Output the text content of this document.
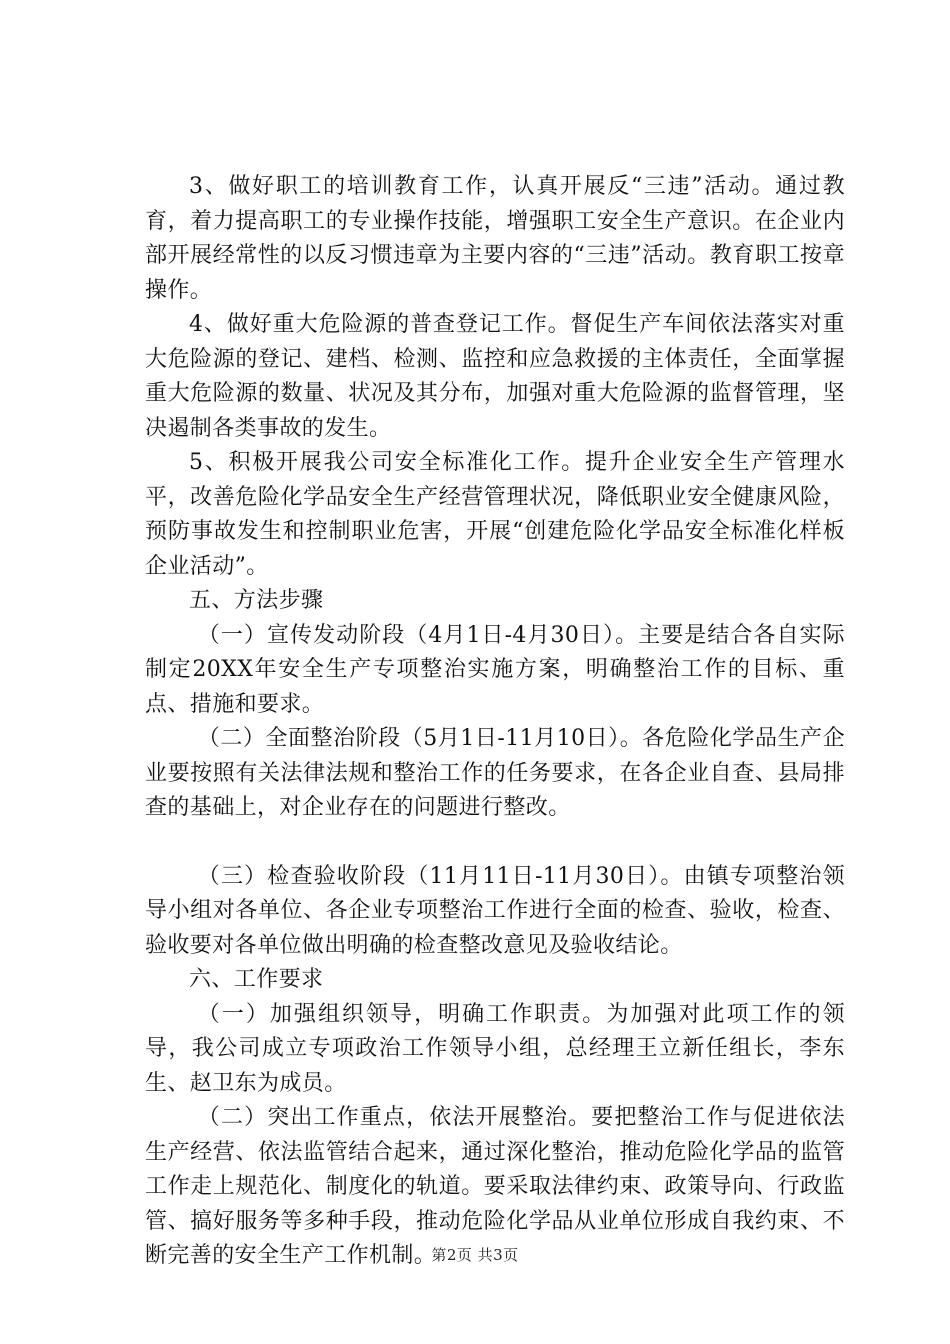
3、做好职工的培训教育工作，认真开展反“三违”活动。通过教育，着力提高职工的专业操作技能，增强职工安全生产意识。在企业内部开展经常性的以反习惯违章为主要内容的“三违”活动。教育职工按章操作。

4、做好重大危险源的普查登记工作。督促生产车间依法落实对重大危险源的登记、建档、检测、监控和应急救援的主体责任，全面掌握重大危险源的数量、状况及其分布，加强对重大危险源的监督管理，坚决遏制各类事故的发生。

5、积极开展我公司安全标准化工作。提升企业安全生产管理水平，改善危险化学品安全生产经营管理状况，降低职业安全健康风险，预防事故发生和控制职业危害，开展“创建危险化学品安全标准化样板企业活动”。

五、方法步骤

（一）宣传发动阶段（4月1日-4月30日）。主要是结合各自实际制定20XX年安全生产专项整治实施方案，明确整治工作的目标、重点、措施和要求。

（二）全面整治阶段（5月1日-11月10日）。各危险化学品生产企业要按照有关法律法规和整治工作的任务要求，在各企业自查、县局排查的基础上，对企业存在的问题进行整改。

（三）检查验收阶段（11月11日-11月30日）。由镇专项整治领导小组对各单位、各企业专项整治工作进行全面的检查、验收，检查、验收要对各单位做出明确的检查整改意见及验收结论。

六、工作要求

（一）加强组织领导，明确工作职责。为加强对此项工作的领导，我公司成立专项政治工作领导小组，总经理王立新任组长，李东生、赵卫东为成员。

（二）突出工作重点，依法开展整治。要把整治工作与促进依法生产经营、依法监管结合起来，通过深化整治，推动危险化学品的监管工作走上规范化、制度化的轨道。要采取法律约束、政策导向、行政监管、搞好服务等多种手段，推动危险化学品从业单位形成自我约束、不断完善的安全生产工作机制。

第2页 共3页
